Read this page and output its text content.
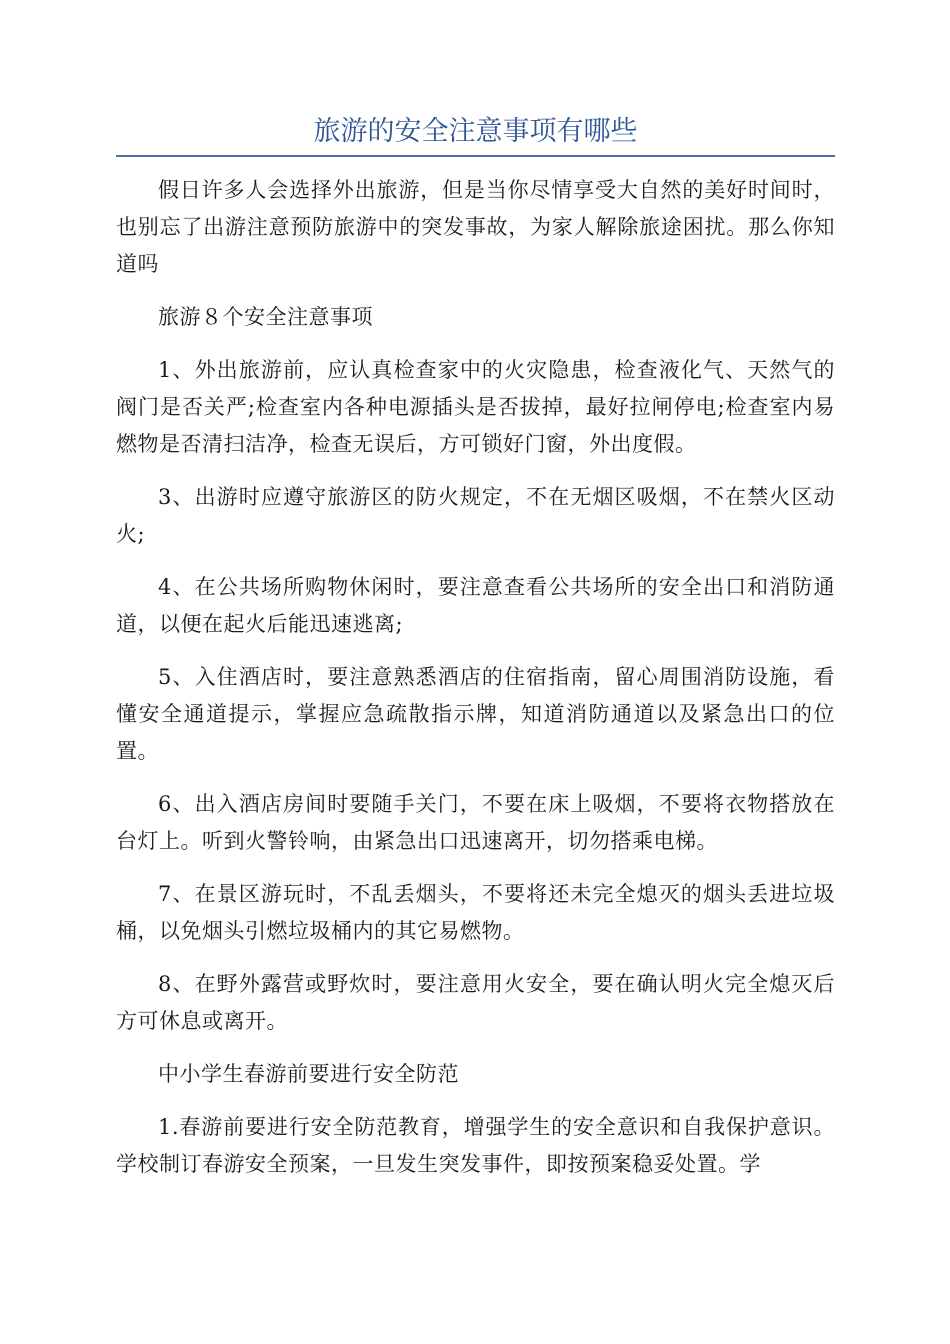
旅游的安全注意事项有哪些

假日许多人会选择外出旅游，但是当你尽情享受大自然的美好时间时，也别忘了出游注意预防旅游中的突发事故，为家人解除旅途困扰。那么你知道吗

旅游８个安全注意事项

1、外出旅游前，应认真检查家中的火灾隐患，检查液化气、天然气的阀门是否关严;检查室内各种电源插头是否拔掉，最好拉闸停电;检查室内易燃物是否清扫洁净，检查无误后，方可锁好门窗，外出度假。

3、出游时应遵守旅游区的防火规定，不在无烟区吸烟，不在禁火区动火;

4、在公共场所购物休闲时，要注意查看公共场所的安全出口和消防通道，以便在起火后能迅速逃离;

5、入住酒店时，要注意熟悉酒店的住宿指南，留心周围消防设施，看懂安全通道提示，掌握应急疏散指示牌，知道消防通道以及紧急出口的位置。

6、出入酒店房间时要随手关门，不要在床上吸烟，不要将衣物搭放在台灯上。听到火警铃响，由紧急出口迅速离开，切勿搭乘电梯。

7、在景区游玩时，不乱丢烟头，不要将还未完全熄灭的烟头丢进垃圾桶，以免烟头引燃垃圾桶内的其它易燃物。

8、在野外露营或野炊时，要注意用火安全，要在确认明火完全熄灭后方可休息或离开。

中小学生春游前要进行安全防范

1.春游前要进行安全防范教育，增强学生的安全意识和自我保护意识。学校制订春游安全预案，一旦发生突发事件，即按预案稳妥处置。学
